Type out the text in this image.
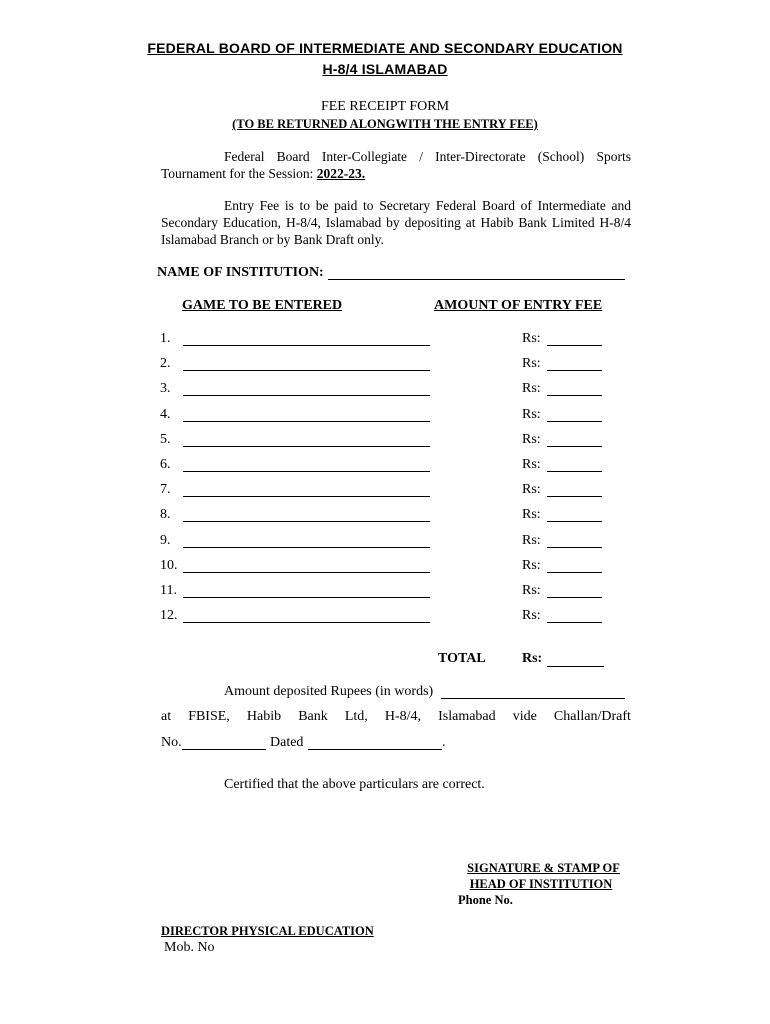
FEDERAL BOARD OF INTERMEDIATE AND SECONDARY EDUCATION
H-8/4 ISLAMABAD
FEE RECEIPT FORM
(TO BE RETURNED ALONGWITH THE ENTRY FEE)
Federal Board Inter-Collegiate / Inter-Directorate (School) Sports Tournament for the Session: 2022-23.
Entry Fee is to be paid to Secretary Federal Board of Intermediate and Secondary Education, H-8/4, Islamabad by depositing at Habib Bank Limited H-8/4 Islamabad Branch or by Bank Draft only.
NAME OF INSTITUTION:
GAME TO BE ENTERED	AMOUNT OF ENTRY FEE
1.	Rs:
2.	Rs:
3.	Rs:
4.	Rs:
5.	Rs:
6.	Rs:
7.	Rs:
8.	Rs:
9.	Rs:
10.	Rs:
11.	Rs:
12.	Rs:
TOTAL	Rs:
Amount deposited Rupees (in words)
at FBISE, Habib Bank Ltd, H-8/4, Islamabad vide Challan/Draft
No.	Dated	.
Certified that the above particulars are correct.
SIGNATURE & STAMP OF
HEAD OF INSTITUTION
Phone No.
DIRECTOR PHYSICAL EDUCATION
Mob. No
